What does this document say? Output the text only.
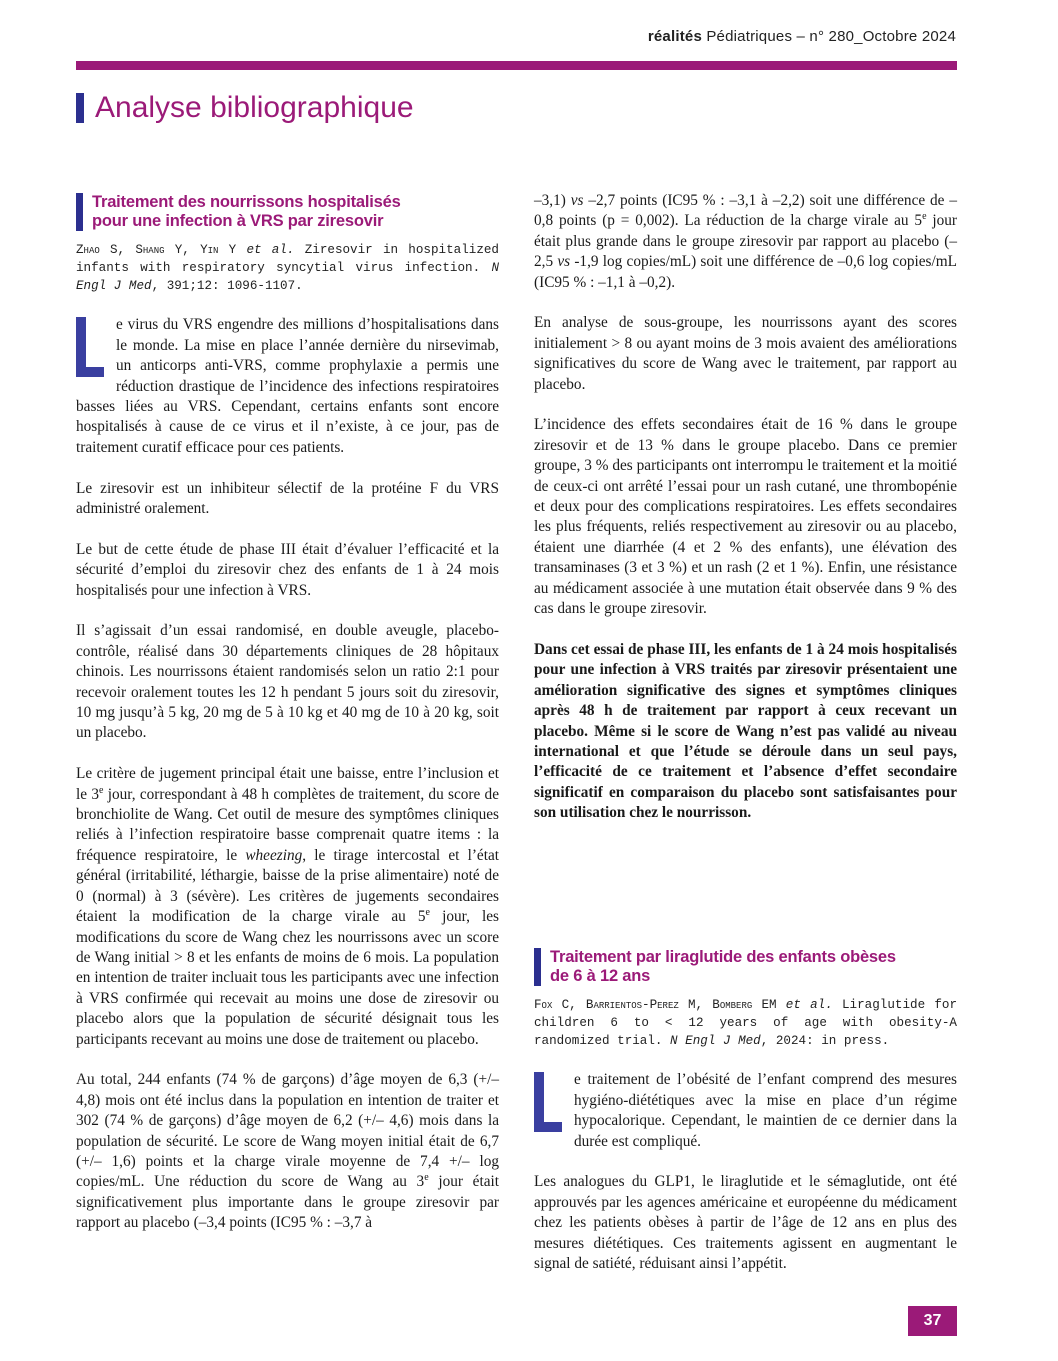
réalités Pédiatriques – n° 280_Octobre 2024
Analyse bibliographique
Traitement des nourrissons hospitalisés
pour une infection à VRS par ziresovir

Zhao S, Shang Y, Yin Y et al. Ziresovir in hospitalized infants with respiratory syncytial virus infection. N Engl J Med, 391;12: 1096-1107.

e virus du VRS engendre des millions d’hospitalisations dans le monde. La mise en place l’année dernière du nirsevimab, un anticorps anti-VRS, comme prophylaxie a permis une réduction drastique de l’incidence des infections respiratoires basses liées au VRS. Cependant, certains enfants sont encore hospitalisés à cause de ce virus et il n’existe, à ce jour, pas de traitement curatif efficace pour ces patients.

Le ziresovir est un inhibiteur sélectif de la protéine F du VRS administré oralement.

Le but de cette étude de phase III était d’évaluer l’efficacité et la sécurité d’emploi du ziresovir chez des enfants de 1 à 24 mois hospitalisés pour une infection à VRS.

Il s’agissait d’un essai randomisé, en double aveugle, placebo-contrôle, réalisé dans 30 départements cliniques de 28 hôpitaux chinois. Les nourrissons étaient randomisés selon un ratio 2:1 pour recevoir oralement toutes les 12 h pendant 5 jours soit du ziresovir, 10 mg jusqu’à 5 kg, 20 mg de 5 à 10 kg et 40 mg de 10 à 20 kg, soit un placebo.

Le critère de jugement principal était une baisse, entre l’inclusion et le 3e jour, correspondant à 48 h complètes de traitement, du score de bronchiolite de Wang. Cet outil de mesure des symptômes cliniques reliés à l’infection respiratoire basse comprenait quatre items : la fréquence respiratoire, le wheezing, le tirage intercostal et l’état général (irritabilité, léthargie, baisse de la prise alimentaire) noté de 0 (normal) à 3 (sévère). Les critères de jugements secondaires étaient la modification de la charge virale au 5e jour, les modifications du score de Wang chez les nourrissons avec un score de Wang initial > 8 et les enfants de moins de 6 mois. La population en intention de traiter incluait tous les participants avec une infection à VRS confirmée qui recevait au moins une dose de ziresovir ou placebo alors que la population de sécurité désignait tous les participants recevant au moins une dose de traitement ou placebo.

Au total, 244 enfants (74 % de garçons) d’âge moyen de 6,3 (+/– 4,8) mois ont été inclus dans la population en intention de traiter et 302 (74 % de garçons) d’âge moyen de 6,2 (+/– 4,6) mois dans la population de sécurité. Le score de Wang moyen initial était de 6,7 (+/– 1,6) points et la charge virale moyenne de 7,4 +/– log copies/mL. Une réduction du score de Wang au 3e jour était significativement plus importante dans le groupe ziresovir par rapport au placebo (–3,4 points (IC95 % : –3,7 à

–3,1) vs –2,7 points (IC95 % : –3,1 à –2,2) soit une différence de –0,8 points (p = 0,002). La réduction de la charge virale au 5e jour était plus grande dans le groupe ziresovir par rapport au placebo (–2,5 vs -1,9 log copies/mL) soit une différence de –0,6 log copies/mL (IC95 % : –1,1 à –0,2).

En analyse de sous-groupe, les nourrissons ayant des scores initialement > 8 ou ayant moins de 3 mois avaient des améliorations significatives du score de Wang avec le traitement, par rapport au placebo.

L’incidence des effets secondaires était de 16 % dans le groupe ziresovir et de 13 % dans le groupe placebo. Dans ce premier groupe, 3 % des participants ont interrompu le traitement et la moitié de ceux-ci ont arrêté l’essai pour un rash cutané, une thrombopénie et deux pour des complications respiratoires. Les effets secondaires les plus fréquents, reliés respectivement au ziresovir ou au placebo, étaient une diarrhée (4 et 2 % des enfants), une élévation des transaminases (3 et 3 %) et un rash (2 et 1 %). Enfin, une résistance au médicament associée à une mutation était observée dans 9 % des cas dans le groupe ziresovir.

Dans cet essai de phase III, les enfants de 1 à 24 mois hospitalisés pour une infection à VRS traités par ziresovir présentaient une amélioration significative des signes et symptômes cliniques après 48 h de traitement par rapport à ceux recevant un placebo. Même si le score de Wang n’est pas validé au niveau international et que l’étude se déroule dans un seul pays, l’efficacité de ce traitement et l’absence d’effet secondaire significatif en comparaison du placebo sont satisfaisantes pour son utilisation chez le nourrisson.

Traitement par liraglutide des enfants obèses
de 6 à 12 ans

Fox C, Barrientos-Perez M, Bomberg EM et al. Liraglutide for children 6 to < 12 years of age with obesity-A randomized trial. N Engl J Med, 2024: in press.

e traitement de l’obésité de l’enfant comprend des mesures hygiéno-diététiques avec la mise en place d’un régime hypocalorique. Cependant, le maintien de ce dernier dans la durée est compliqué.

Les analogues du GLP1, le liraglutide et le sémaglutide, ont été approuvés par les agences américaine et européenne du médicament chez les patients obèses à partir de l’âge de 12 ans en plus des mesures diététiques. Ces traitements agissent en augmentant le signal de satiété, réduisant ainsi l’appétit.

37
